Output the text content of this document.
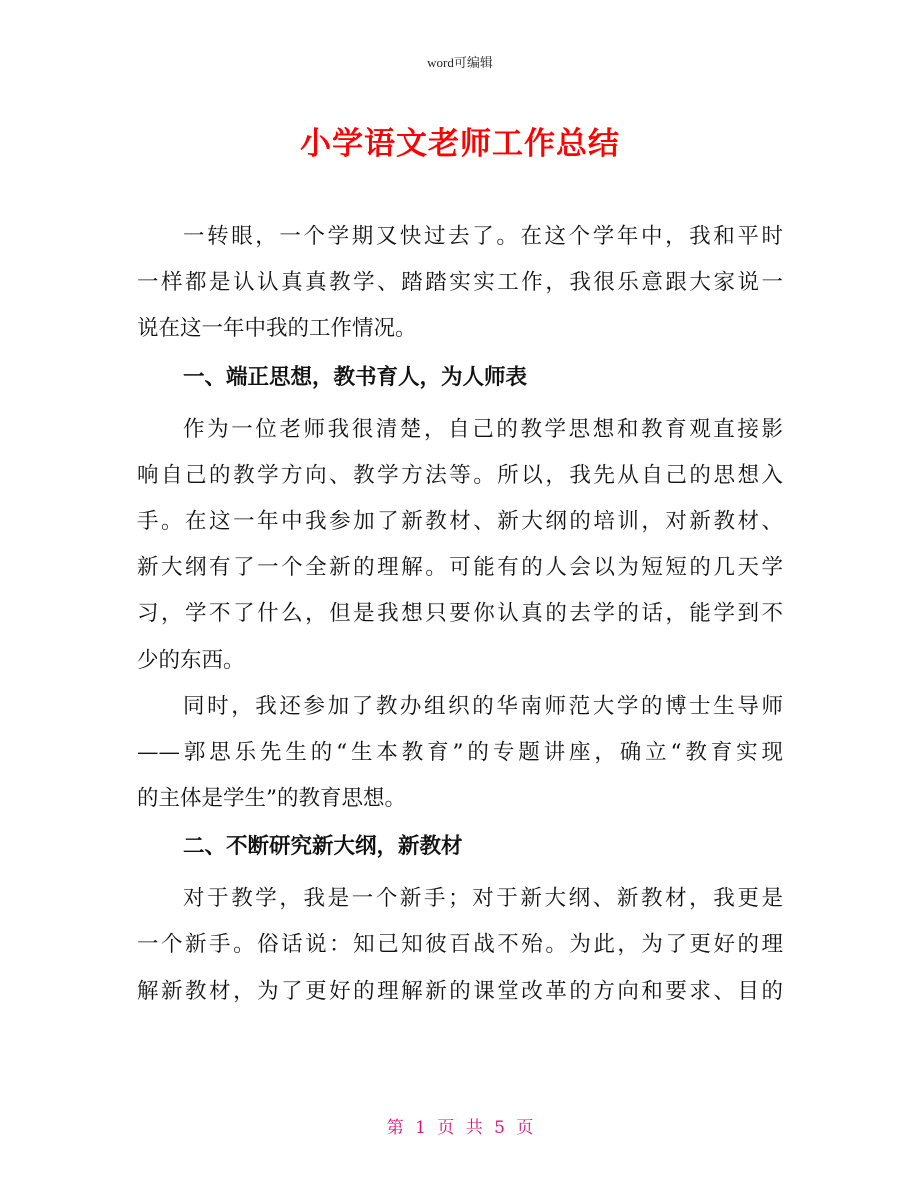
word可编辑
小学语文老师工作总结
一转眼，一个学期又快过去了。在这个学年中，我和平时
一样都是认认真真教学、踏踏实实工作，我很乐意跟大家说一
说在这一年中我的工作情况。
一、端正思想，教书育人，为人师表
作为一位老师我很清楚，自己的教学思想和教育观直接影
响自己的教学方向、教学方法等。所以，我先从自己的思想入
手。在这一年中我参加了新教材、新大纲的培训，对新教材、
新大纲有了一个全新的理解。可能有的人会以为短短的几天学
习，学不了什么，但是我想只要你认真的去学的话，能学到不
少的东西。
同时，我还参加了教办组织的华南师范大学的博士生导师
——郭思乐先生的“生本教育”的专题讲座，确立“教育实现
的主体是学生”的教育思想。
二、不断研究新大纲，新教材
对于教学，我是一个新手；对于新大纲、新教材，我更是
一个新手。俗话说：知己知彼百战不殆。为此，为了更好的理
解新教材，为了更好的理解新的课堂改革的方向和要求、目的
第 1 页 共 5 页
